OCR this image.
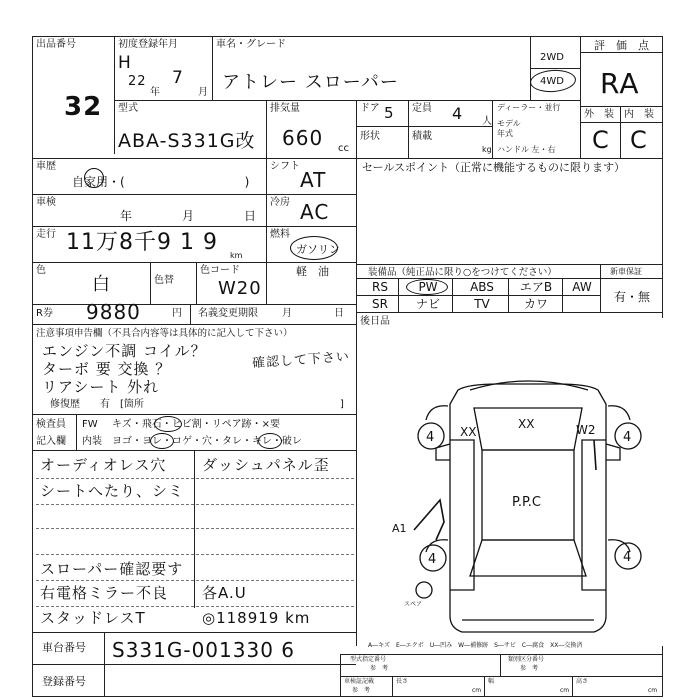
出品番号
32
初度登録年月
H
22
年
7
月
車名・グレード
アトレー スローパー
2WD
4WD
評　価　点
RA
外　装 内　装
C C
型式
ABA-S331G改
排気量
660 cc
ドア 5 定員 4 人
形状	積載
kg
ディーラー・並行
モデル
年式
ハンドル 左・右
車歴
自家用・(　　　　　　　　　　)
車検
年	月	日
走行 11万8千9 1 9
km
色
白	色替
色コード
W20
R券 9880	円 名義変更期限 月	日
シフト
AT
冷房 AC
燃料
ガソリン
軽　油
セールスポイント（正常に機能するものに限ります）
装備品（純正品に限り○をつけてください）	新車保証
有・無
RS	PW	ABS	エアB	AW
SR	ナビ	TV	カワ
後日品
注意事項申告欄（不具合内容等は具体的に記入して下さい）
エンジン不調 コイル？
ターボ 要 交換 ？
リアシート 外れ
確認して下さい
修復歴　　有　[箇所	]
検査員
記入欄
FW
内装
キズ・飛石・ヒビ割・リペア跡・×要
ヨゴ・ヨレ・コゲ・穴・タレ・キレ・破レ
オーディオレス穴 ダッシュパネル歪
シートへたり、シミ
スローパー確認要す
右電格ミラー不良 各A.U
スタッドレスT	◎118919 km
車台番号 S331G-001330 6
登録番号
型式指定番号
参　考
類別区分番号
参　考
車検証記載
参　考
長さ
cm
幅
cm
高さ
cm
A―キズ　E―エクボ　U―凹み　W―補修跡　S―サビ　C―腐食　XX―交換済
XX
XX	W2
4	4
4	4
A1
P.P.C
スペア
